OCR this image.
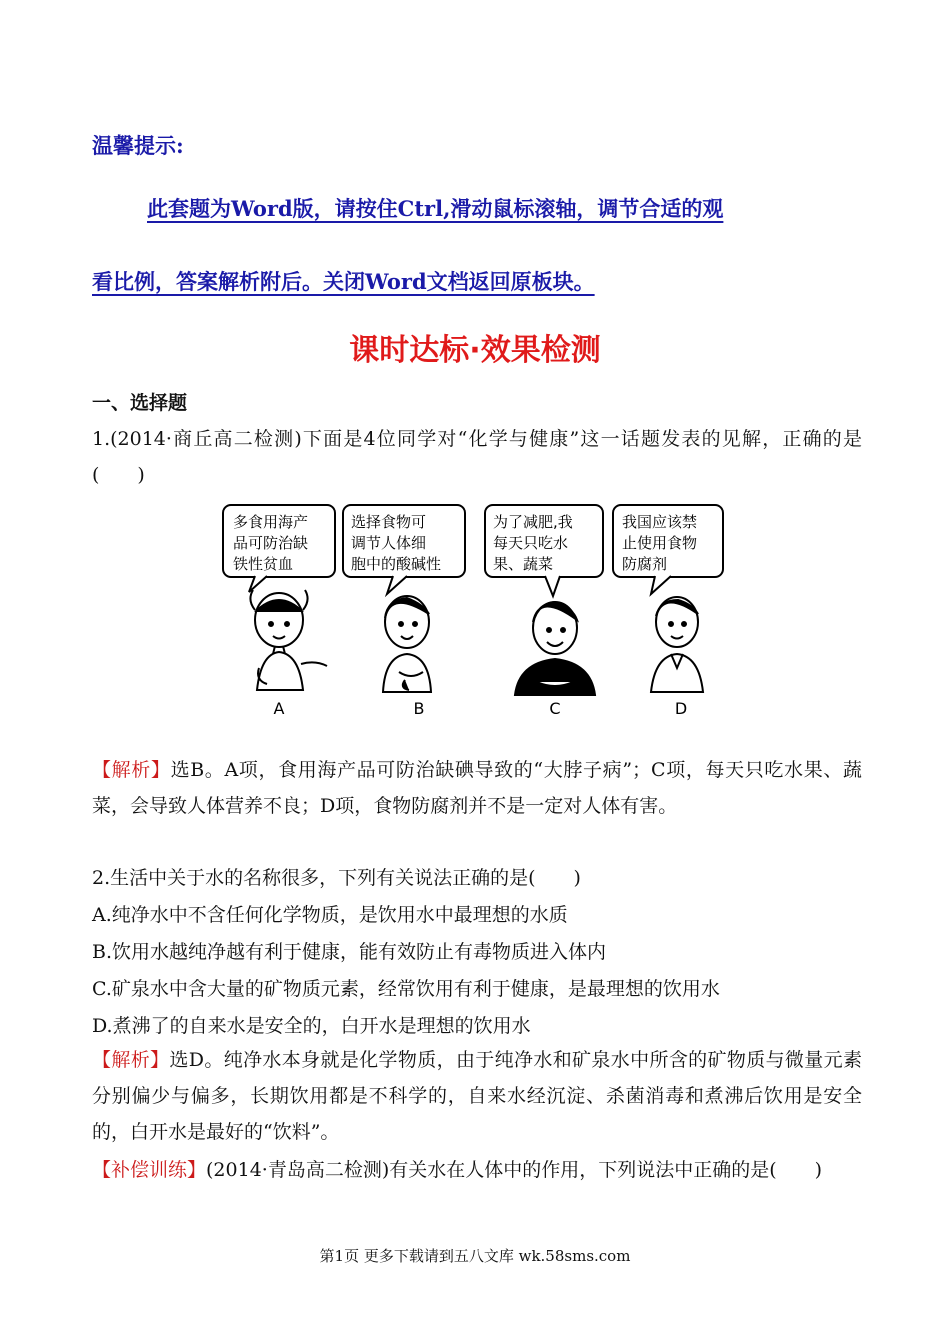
温馨提示:
此套题为Word版，请按住Ctrl,滑动鼠标滚轴，调节合适的观
看比例，答案解析附后。关闭Word文档返回原板块。
课时达标·效果检测
一、选择题
1.(2014·商丘高二检测)下面是4位同学对“化学与健康”这一话题发表的见解，正确的是(　　)
多食用海产
品可防治缺
铁性贫血
选择食物可
调节人体细
胞中的酸碱性
为了减肥,我
每天只吃水
果、蔬菜
我国应该禁
止使用食物
防腐剂
A	B	C	D
【解析】选B。A项，食用海产品可防治缺碘导致的“大脖子病”；C项，每天只吃水果、蔬菜，会导致人体营养不良；D项，食物防腐剂并不是一定对人体有害。
2.生活中关于水的名称很多，下列有关说法正确的是(　　)
A.纯净水中不含任何化学物质，是饮用水中最理想的水质
B.饮用水越纯净越有利于健康，能有效防止有毒物质进入体内
C.矿泉水中含大量的矿物质元素，经常饮用有利于健康，是最理想的饮用水
D.煮沸了的自来水是安全的，白开水是理想的饮用水
【解析】选D。纯净水本身就是化学物质，由于纯净水和矿泉水中所含的矿物质与微量元素分别偏少与偏多，长期饮用都是不科学的，自来水经沉淀、杀菌消毒和煮沸后饮用是安全的，白开水是最好的“饮料”。
【补偿训练】(2014·青岛高二检测)有关水在人体中的作用，下列说法中正确的是(　　)
第1页 更多下载请到五八文库 wk.58sms.com
